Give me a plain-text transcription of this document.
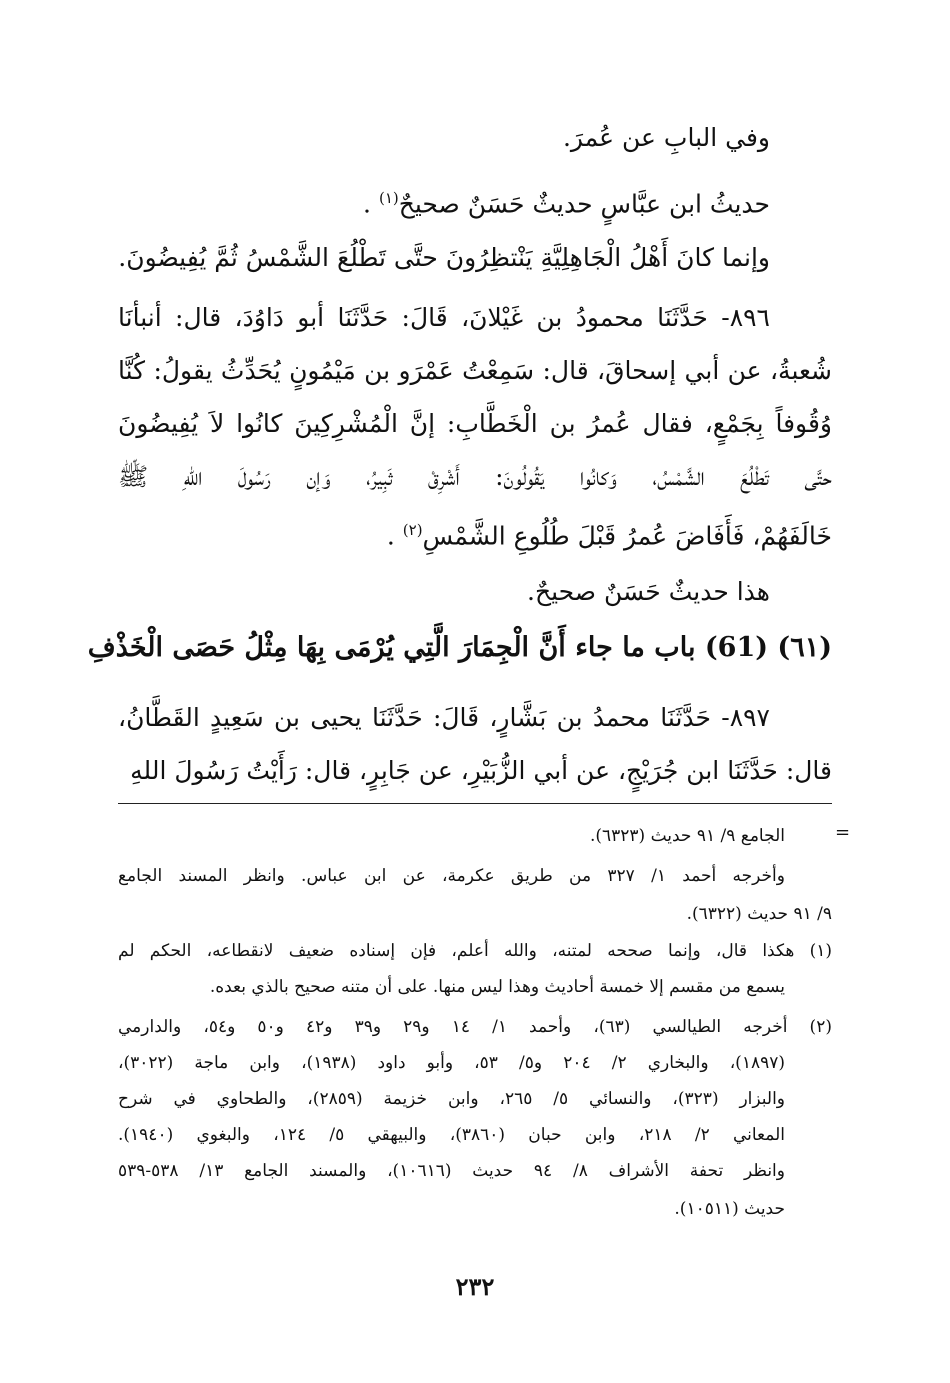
وفي البابِ عن عُمرَ.
حديثُ ابن عبَّاسٍ حديثٌ حَسَنٌ صحيحٌ$^{(١)}$ .
وإنما كانَ أَهْلُ الْجَاهِلِيَّةِ يَنْتظِرُونَ حتَّى تَطْلُعَ الشَّمْسُ ثُمَّ يُفِيضُونَ.
٨٩٦- حَدَّثَنَا محمودُ بن غَيْلانَ، قَالَ: حَدَّثَنَا أبو دَاوُدَ، قال: أنبأنَا
شُعبةُ، عن أبي إسحاقَ، قال: سَمِعْتُ عَمْرَو بن مَيْمُونٍ يُحَدِّثُ يقولُ: كُنَّا
وُقُوفاً بِجَمْعٍ، فقال عُمرُ بن الْخَطَّابِ: إنَّ الْمُشْرِكِينَ كانُوا لاَ يُفِيضُونَ
حتَّى تَطْلُعَ الشَّمْسُ، وَكانُوا يَقُولُونَ: أَشْرِقْ ثَبِيرُ، وَإن رَسُولَ اللهِ ﷺ
خَالَفَهُمْ، فَأَفَاضَ عُمرُ قَبْلَ طُلُوعِ الشَّمْسِ$^{(٢)}$ .
هذا حديثٌ حَسَنٌ صحيحٌ.
(٦١) (61) باب ما جاء أَنَّ الْجِمَارَ الَّتِي يُرْمَى بِهَا مِثْلُ حَصَى الْخَذْفِ
٨٩٧- حَدَّثَنَا محمدُ بن بَشَّارٍ، قَالَ: حَدَّثَنَا يحيى بن سَعِيدٍ القَطَّانُ،
قال: حَدَّثَنَا ابن جُرَيْجٍ، عن أبي الزُّبَيْرِ، عن جَابِرٍ، قال: رَأَيْتُ رَسُولَ اللهِ
=
الجامع ٩/ ٩١ حديث (٦٣٢٣).
وأخرجه أحمد ١/ ٣٢٧ من طريق عكرمة، عن ابن عباس. وانظر المسند الجامع
٩/ ٩١ حديث (٦٣٢٢).
(١) هكذا قال، وإنما صححه لمتنه، والله أعلم، فإن إسناده ضعيف لانقطاعه، الحكم لم
يسمع من مقسم إلا خمسة أحاديث وهذا ليس منها. على أن متنه صحيح بالذي بعده.
(٢) أخرجه الطيالسي (٦٣)، وأحمد ١/ ١٤ و٢٩ و٣٩ و٤٢ و٥٠ و٥٤، والدارمي
(١٨٩٧)، والبخاري ٢/ ٢٠٤ و٥/ ٥٣، وأبو داود (١٩٣٨)، وابن ماجة (٣٠٢٢)،
والبزار (٣٢٣)، والنسائي ٥/ ٢٦٥، وابن خزيمة (٢٨٥٩)، والطحاوي في شرح
المعاني ٢/ ٢١٨، وابن حبان (٣٨٦٠)، والبيهقي ٥/ ١٢٤، والبغوي (١٩٤٠).
وانظر تحفة الأشراف ٨/ ٩٤ حديث (١٠٦١٦)، والمسند الجامع ١٣/ ٥٣٨-٥٣٩
حديث (١٠٥١١).
٢٣٢
